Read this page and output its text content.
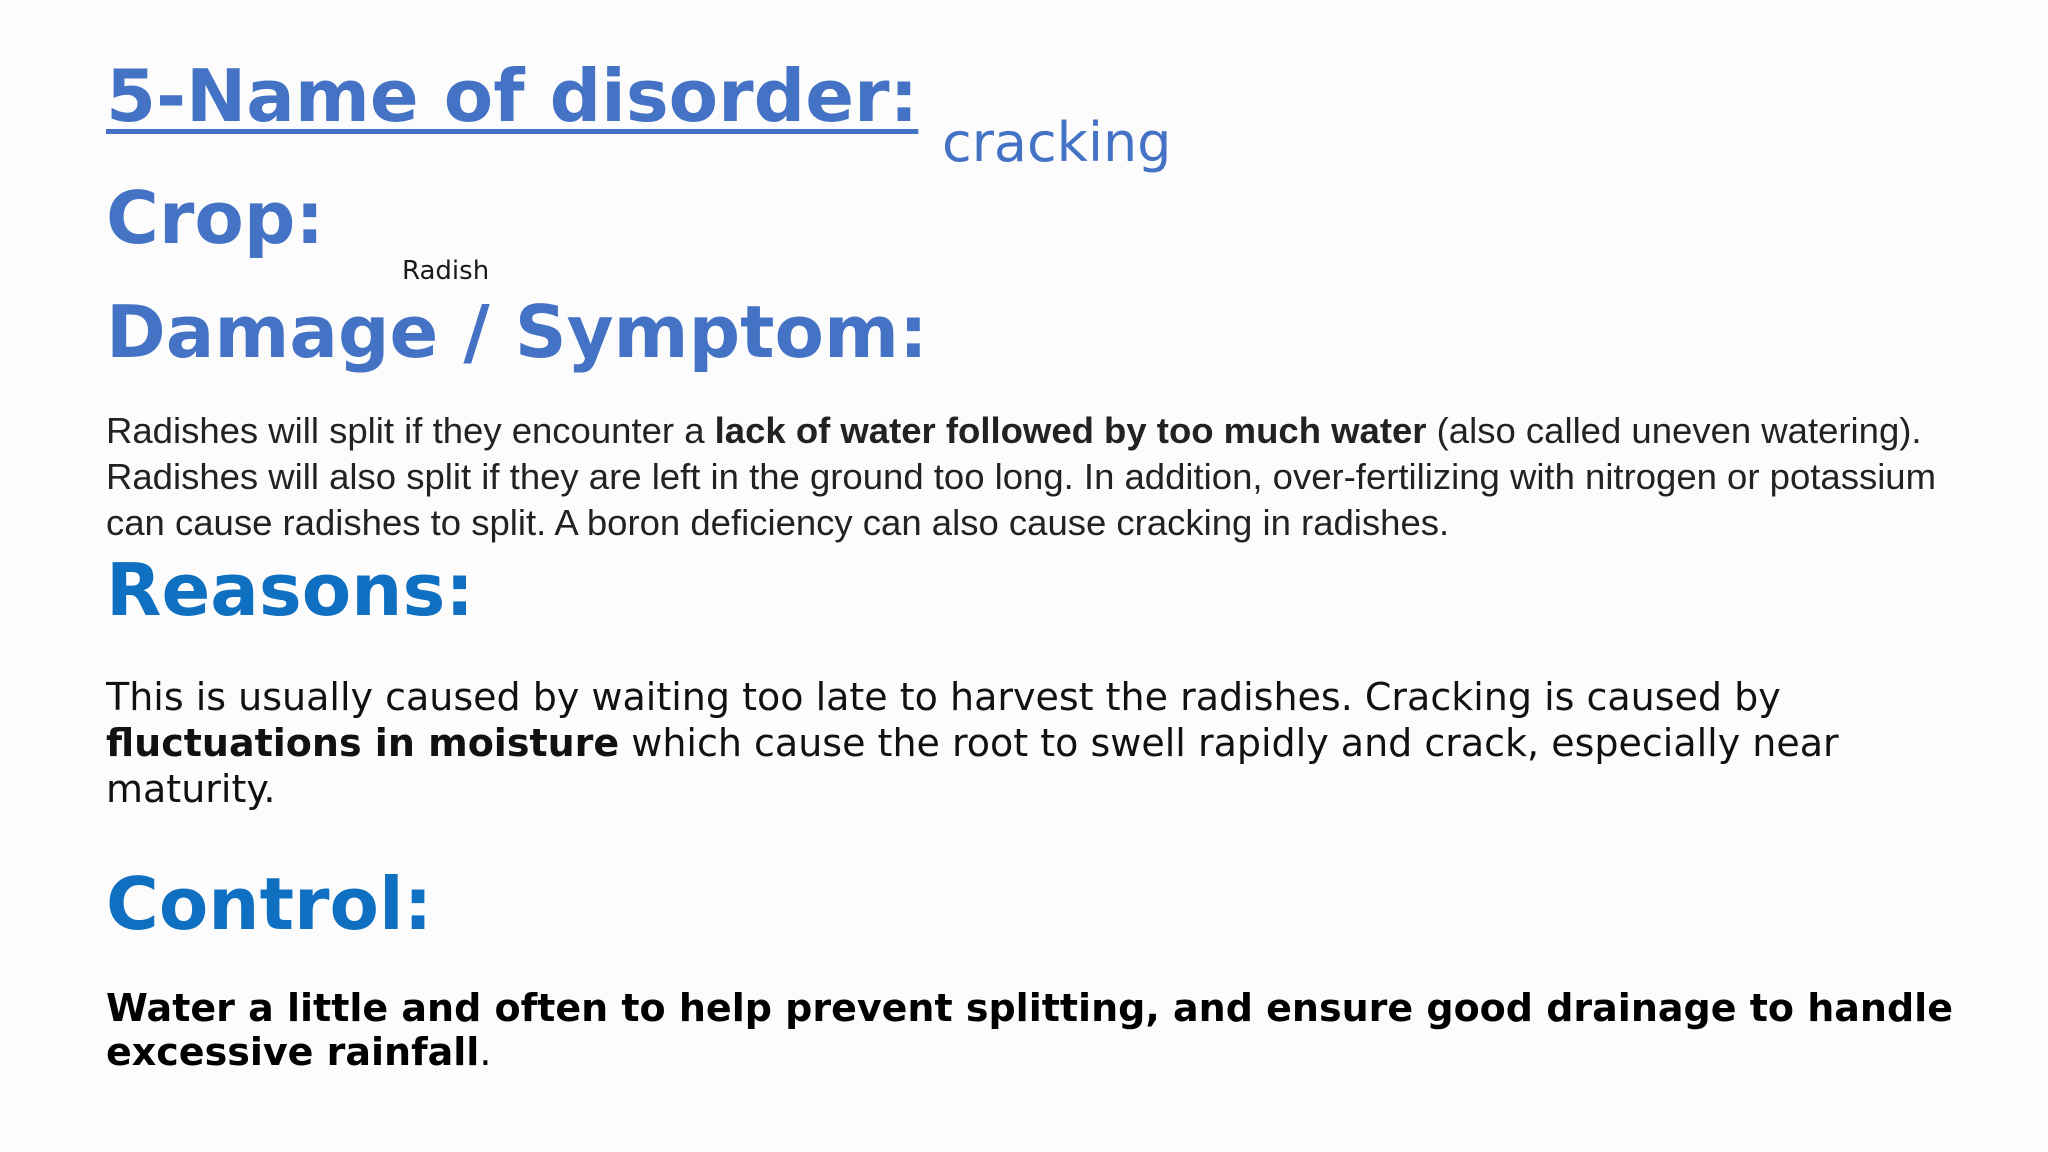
5-Name of disorder:
cracking
Crop:
Radish
Damage / Symptom:

Radishes will split if they encounter a lack of water followed by too much water (also called uneven watering). Radishes will also split if they are left in the ground too long. In addition, over-fertilizing with nitrogen or potassium can cause radishes to split. A boron deficiency can also cause cracking in radishes.

Reasons:

This is usually caused by waiting too late to harvest the radishes. Cracking is caused by fluctuations in moisture which cause the root to swell rapidly and crack, especially near maturity.

Control:

Water a little and often to help prevent splitting, and ensure good drainage to handle excessive rainfall.
